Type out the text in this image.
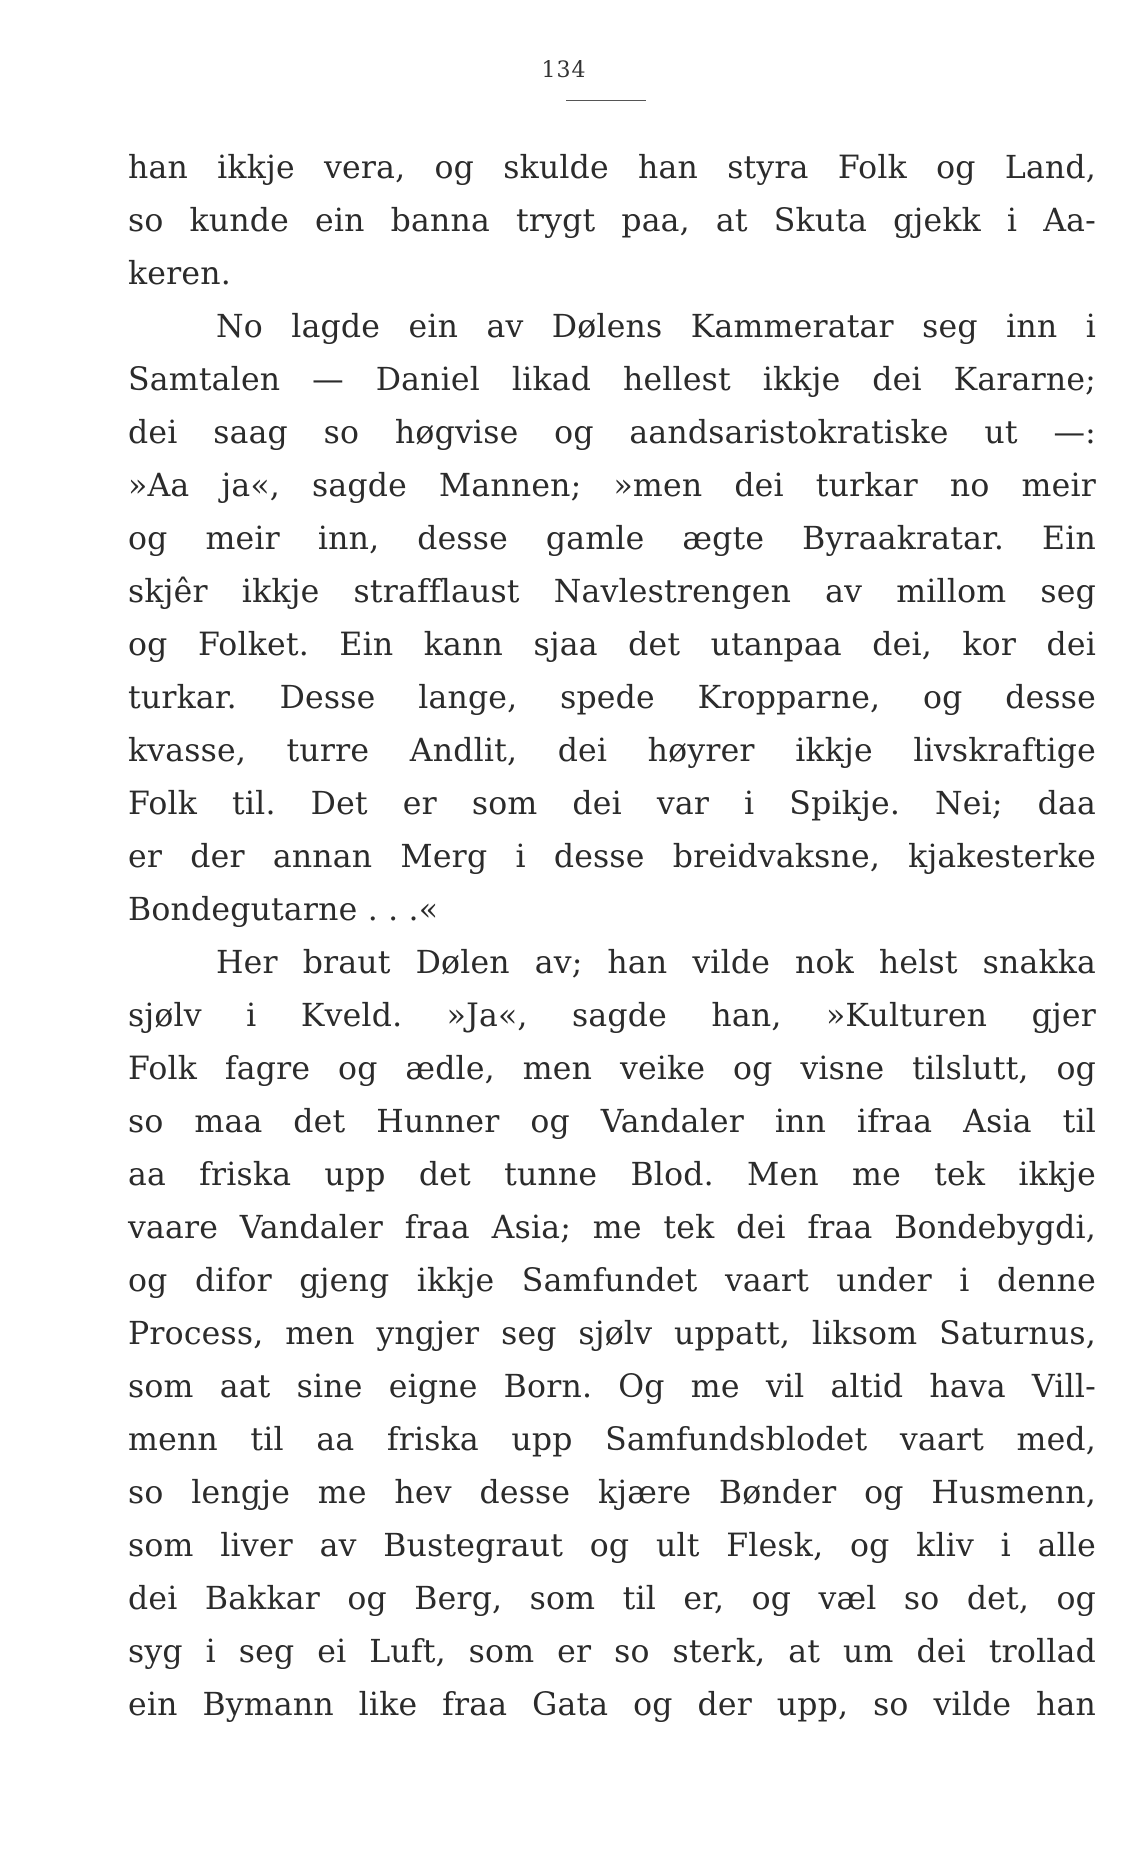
134
han ikkje vera, og skulde han styra Folk og Land,
so kunde ein banna trygt paa, at Skuta gjekk i Aa-
keren.
No lagde ein av Dølens Kammeratar seg inn i
Samtalen — Daniel likad hellest ikkje dei Kararne;
dei saag so høgvise og aandsaristokratiske ut —:
»Aa ja«, sagde Mannen; »men dei turkar no meir
og meir inn, desse gamle ægte Byraakratar. Ein
skjêr ikkje strafflaust Navlestrengen av millom seg
og Folket. Ein kann sjaa det utanpaa dei, kor dei
turkar. Desse lange, spede Kropparne, og desse
kvasse, turre Andlit, dei høyrer ikkje livskraftige
Folk til. Det er som dei var i Spikje. Nei; daa
er der annan Merg i desse breidvaksne, kjakesterke
Bondegutarne . . .«
Her braut Dølen av; han vilde nok helst snakka
sjølv i Kveld. »Ja«, sagde han, »Kulturen gjer
Folk fagre og ædle, men veike og visne tilslutt, og
so maa det Hunner og Vandaler inn ifraa Asia til
aa friska upp det tunne Blod. Men me tek ikkje
vaare Vandaler fraa Asia; me tek dei fraa Bondebygdi,
og difor gjeng ikkje Samfundet vaart under i denne
Process, men yngjer seg sjølv uppatt, liksom Saturnus,
som aat sine eigne Born. Og me vil altid hava Vill-
menn til aa friska upp Samfundsblodet vaart med,
so lengje me hev desse kjære Bønder og Husmenn,
som liver av Bustegraut og ult Flesk, og kliv i alle
dei Bakkar og Berg, som til er, og væl so det, og
syg i seg ei Luft, som er so sterk, at um dei trollad
ein Bymann like fraa Gata og der upp, so vilde han
